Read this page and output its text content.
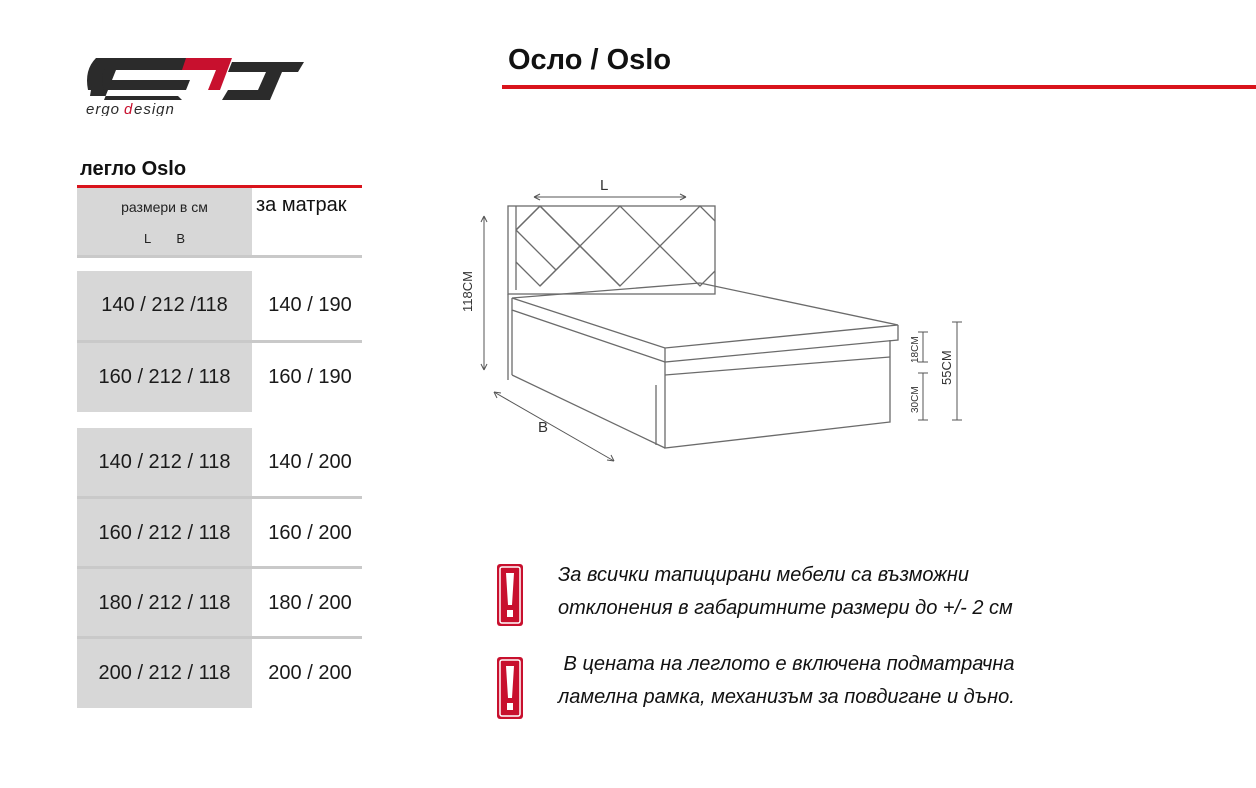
ergo d esign
Осло / Oslo
легло Oslo
размери в см
L B
за матрак
140 / 212 /118	140 / 190
160 / 212 / 118	160 / 190
140 / 212 / 118	140 / 200
160 / 212 / 118	160 / 200
180 / 212 / 118	180 / 200
200 / 212 / 118	200 / 200
L
118CM
B
18CM
30CM
55CM
За всички тапицирани мебели са възможни
отклонения в габаритните размери до +/- 2 см
В цената на леглото е включена подматрачна
ламелна рамка, механизъм за повдигане и дъно.
